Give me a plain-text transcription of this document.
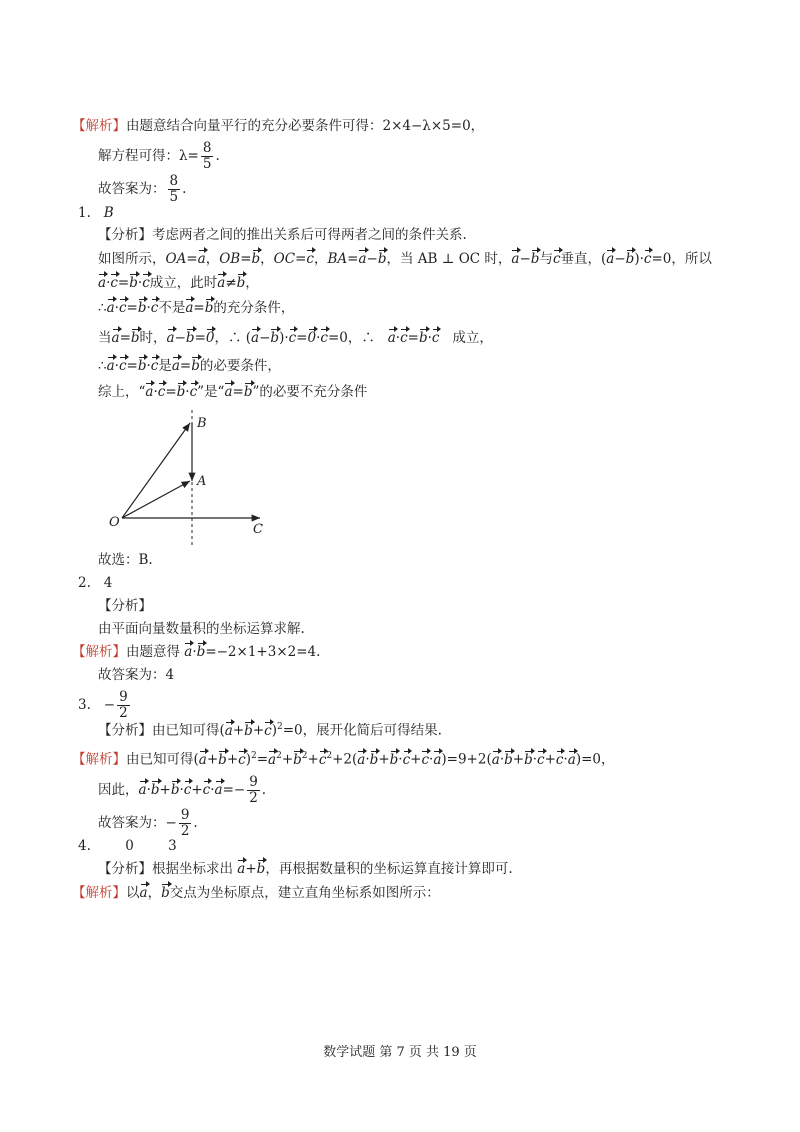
【解析】由题意结合向量平行的充分必要条件可得：2×4−λ×5=0，
解方程可得：$\lambda= \frac{8}{5}$ .
故答案为： $\frac{8}{5}$ .
1. B
【分析】考虑两者之间的推出关系后可得两者之间的条件关系.
如图所示，OA=a，OB=b，OC=c，BA=a−b，当 AB ⊥ OC 时，a−b与c垂直，(a−b)·c=0，所以
a·c=b·c成立，此时a≠b，
∴a·c=b·c不是a=b的充分条件，
当a=b时，a−b=0，∴ (a−b)·c=0·c=0，∴   a·c=b·c 成立，
∴a·c=b·c是a=b的必要条件，
综上，“a·c=b·c”是“a=b”的必要不充分条件
O
A
B
C
故选：B.
2. 4
【分析】
由平面向量数量积的坐标运算求解.
【解析】由题意得 a·b=−2×1+3×2=4.
故答案为：4
3.   − $\frac{9}{2}$
【分析】由已知可得$(a+b+c)^2=0$，展开化简后可得结果.
【解析】由已知可得$(a+b+c)^2=a^2+b^2+c^2+2(a\cdot b+b\cdot c+c\cdot a)=9+2(a\cdot b+b\cdot c+c\cdot a)=0$，
因此，$a\cdot b+b\cdot c+c\cdot a=- \frac{9}{2}$ .
故答案为：− $\frac{9}{2}$ .
4.	0	3
【分析】根据坐标求出 a+b，再根据数量积的坐标运算直接计算即可.
【解析】以a，b交点为坐标原点，建立直角坐标系如图所示：
数学试题 第 7 页 共 19 页
